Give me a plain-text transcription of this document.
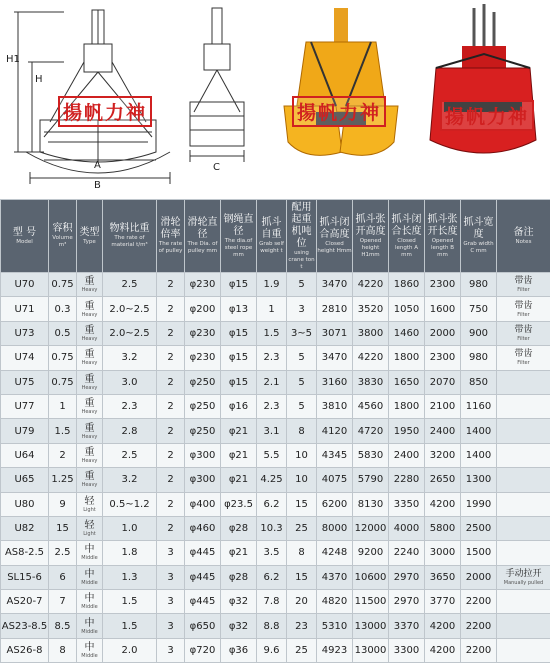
H
H1
A
B
C
揚帆力神	揚帆力神	揚帆力神
型 号
Model	容积
Volume m³	类型
Type	物料比重
The rate of material t/m³	滑轮倍率
The rate of pulley	滑轮直径
The Dia. of pulley mm	钢绳直径
The dia.of steel rope mm	抓斗自重
Grab self weight t	配用起重机吨位
using crane ton t	抓斗闭合高度
Closed height Hmm	抓斗张开高度
Opened height H1mm	抓斗闭合长度
Closed length A mm	抓斗张开长度
Opened length B mm	抓斗宽度
Grab width C mm	备注
Notes

U70	0.75	重
Heavy	2.5	2	φ230	φ15	1.9	5	3470	4220	1860	2300	980	带齿
Filter

U71	0.3	重
Heavy	2.0~2.5	2	φ200	φ13	1	3	2810	3520	1050	1600	750	带齿
Filter

U73	0.5	重
Heavy	2.0~2.5	2	φ230	φ15	1.5	3~5	3071	3800	1460	2000	900	带齿
Filter

U74	0.75	重
Heavy	3.2	2	φ230	φ15	2.3	5	3470	4220	1800	2300	980	带齿
Filter

U75	0.75	重
Heavy	3.0	2	φ250	φ15	2.1	5	3160	3830	1650	2070	850	

U77	1	重
Heavy	2.3	2	φ250	φ16	2.3	5	3810	4560	1800	2100	1160	

U79	1.5	重
Heavy	2.8	2	φ250	φ21	3.1	8	4120	4720	1950	2400	1400	

U64	2	重
Heavy	2.5	2	φ300	φ21	5.5	10	4345	5830	2400	3200	1400	

U65	1.25	重
Heavy	3.2	2	φ300	φ21	4.25	10	4075	5790	2280	2650	1300	

U80	9	轻
Light	0.5~1.2	2	φ400	φ23.5	6.2	15	6200	8130	3350	4200	1990	

U82	15	轻
Light	1.0	2	φ460	φ28	10.3	25	8000	12000	4000	5800	2500	

AS8-2.5	2.5	中
Middle	1.8	3	φ445	φ21	3.5	8	4248	9200	2240	3000	1500	

SL15-6	6	中
Middle	1.3	3	φ445	φ28	6.2	15	4370	10600	2970	3650	2000	手动拉开
Manually pulled

AS20-7	7	中
Middle	1.5	3	φ445	φ32	7.8	20	4820	11500	2970	3770	2200	

AS23-8.5	8.5	中
Middle	1.5	3	φ650	φ32	8.8	23	5310	13000	3370	4200	2200	

AS26-8	8	中
Middle	2.0	3	φ720	φ36	9.6	25	4923	13000	3300	4200	2200	
